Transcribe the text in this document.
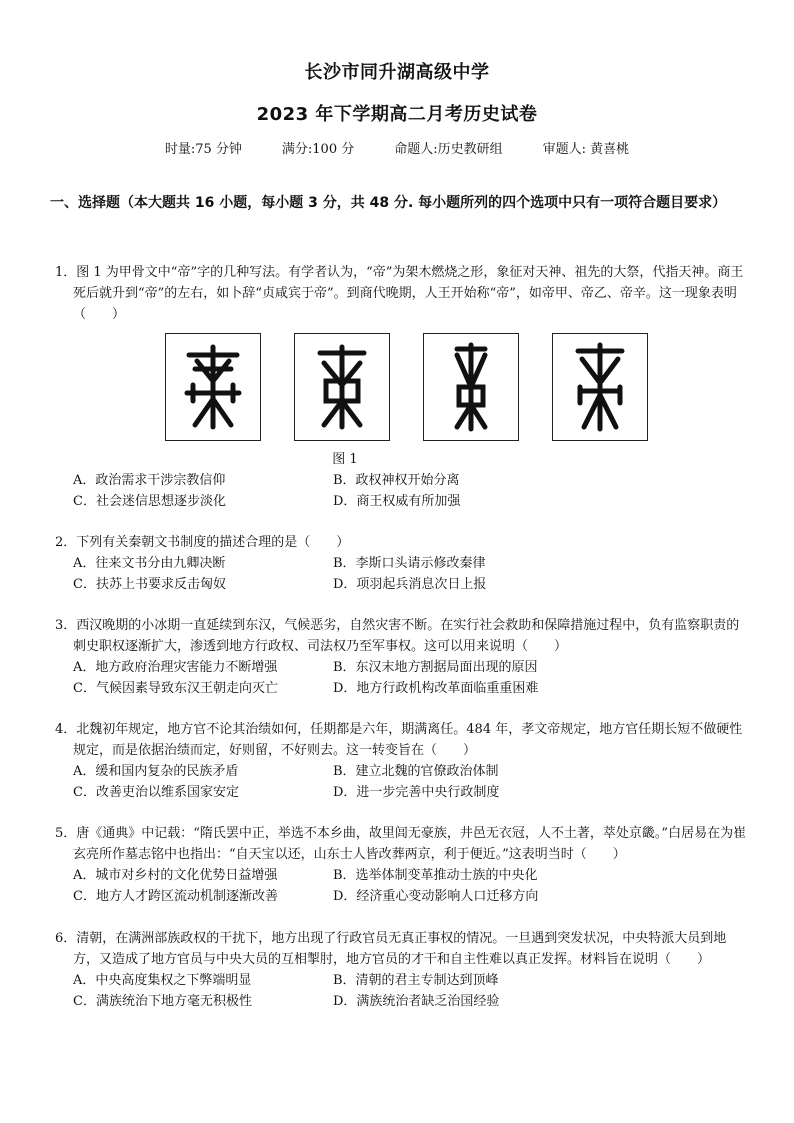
长沙市同升湖高级中学
2023 年下学期高二月考历史试卷
时量:75 分钟	满分:100 分	命题人:历史教研组	审题人: 黄喜桃
一、选择题（本大题共 16 小题，每小题 3 分，共 48 分. 每小题所列的四个选项中只有一项符合题目要求）

1．图 1 为甲骨文中“帝”字的几种写法。有学者认为，“帝”为架木燃烧之形，象征对天神、祖先的大祭，代指天神。商王死后就升到“帝”的左右，如卜辞“贞咸宾于帝”。到商代晚期，人王开始称“帝”，如帝甲、帝乙、帝辛。这一现象表明（　　）

图 1

A．政治需求干涉宗教信仰	B．政权神权开始分离
C．社会迷信思想逐步淡化	D．商王权威有所加强

2．下列有关秦朝文书制度的描述合理的是（　　）

A．往来文书分由九卿决断	B．李斯口头请示修改秦律
C．扶苏上书要求反击匈奴	D．项羽起兵消息次日上报

3．西汉晚期的小冰期一直延续到东汉，气候恶劣，自然灾害不断。在实行社会救助和保障措施过程中，负有监察职责的刺史职权逐渐扩大，渗透到地方行政权、司法权乃至军事权。这可以用来说明（　　）

A．地方政府治理灾害能力不断增强	B．东汉末地方割据局面出现的原因
C．气候因素导致东汉王朝走向灭亡	D．地方行政机构改革面临重重困难

4．北魏初年规定，地方官不论其治绩如何，任期都是六年，期满离任。484 年，孝文帝规定，地方官任期长短不做硬性规定，而是依据治绩而定，好则留，不好则去。这一转变旨在（　　）

A．缓和国内复杂的民族矛盾	B．建立北魏的官僚政治体制
C．改善吏治以维系国家安定	D．进一步完善中央行政制度

5．唐《通典》中记载：“隋氏罢中正，举选不本乡曲，故里闾无豪族，井邑无衣冠，人不土著，萃处京畿。”白居易在为崔玄亮所作墓志铭中也指出：“自天宝以还，山东士人皆改葬两京，利于便近。”这表明当时（　　）

A．城市对乡村的文化优势日益增强	B．选举体制变革推动士族的中央化
C．地方人才跨区流动机制逐渐改善	D．经济重心变动影响人口迁移方向

6．清朝，在满洲部族政权的干扰下，地方出现了行政官员无真正事权的情况。一旦遇到突发状况，中央特派大员到地方，又造成了地方官员与中央大员的互相掣肘，地方官员的才干和自主性难以真正发挥。材料旨在说明（　　）

A．中央高度集权之下弊端明显	B．清朝的君主专制达到顶峰
C．满族统治下地方毫无积极性	D．满族统治者缺乏治国经验
